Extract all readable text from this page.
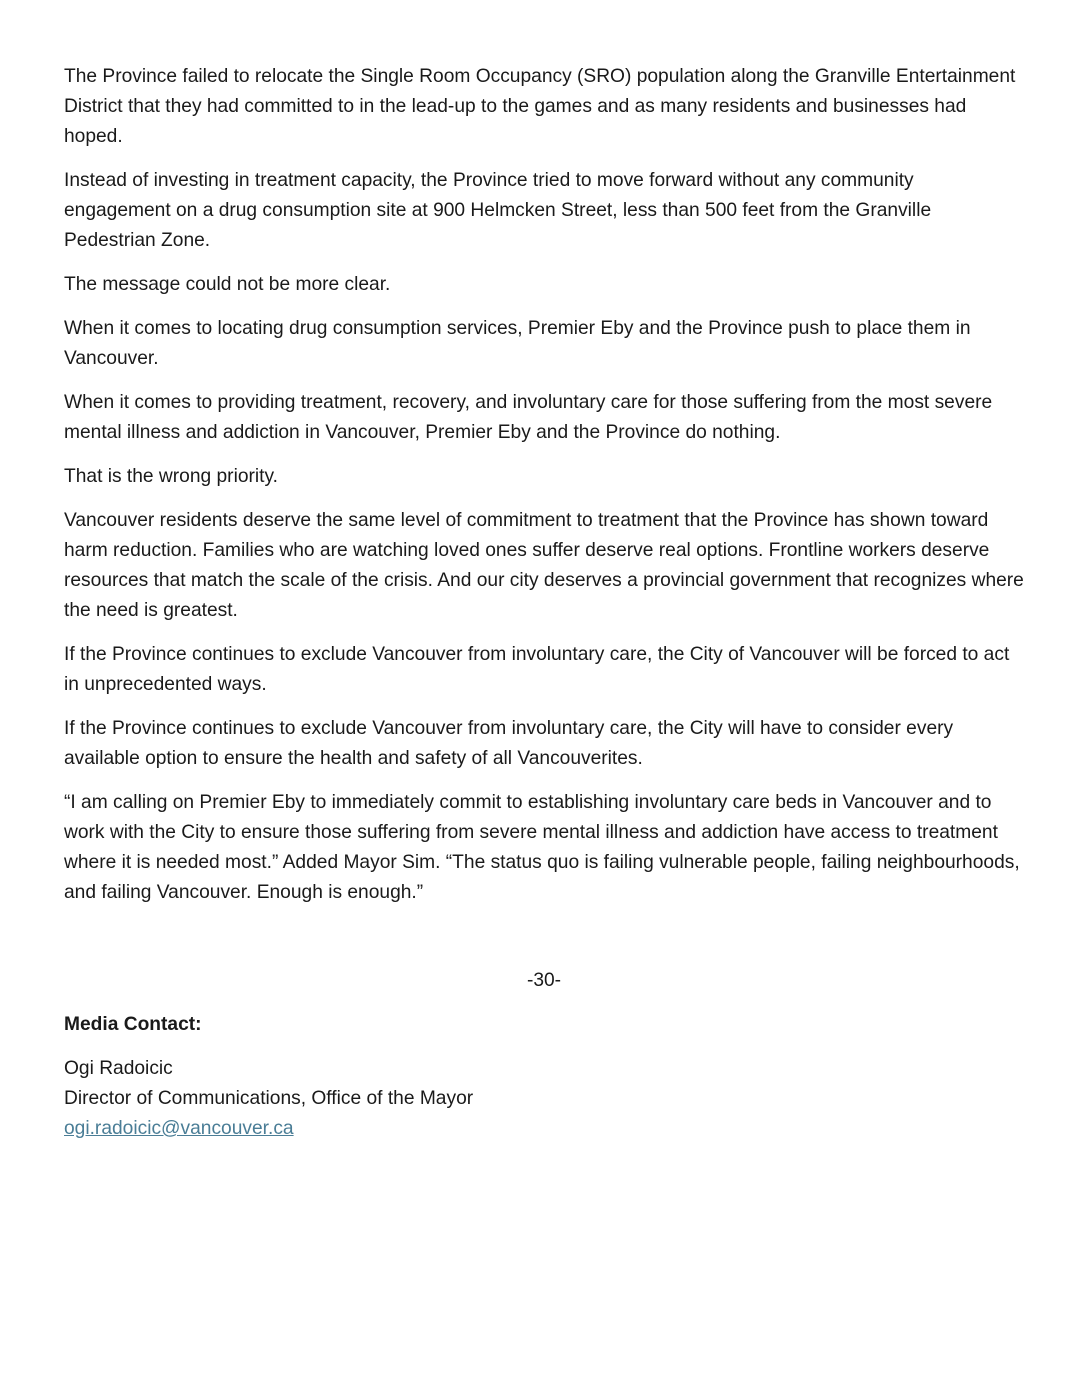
The Province failed to relocate the Single Room Occupancy (SRO) population along the Granville Entertainment District that they had committed to in the lead-up to the games and as many residents and businesses had hoped.

Instead of investing in treatment capacity, the Province tried to move forward without any community engagement on a drug consumption site at 900 Helmcken Street, less than 500 feet from the Granville Pedestrian Zone.

The message could not be more clear.

When it comes to locating drug consumption services, Premier Eby and the Province push to place them in Vancouver.

When it comes to providing treatment, recovery, and involuntary care for those suffering from the most severe mental illness and addiction in Vancouver, Premier Eby and the Province do nothing.

That is the wrong priority.

Vancouver residents deserve the same level of commitment to treatment that the Province has shown toward harm reduction. Families who are watching loved ones suffer deserve real options. Frontline workers deserve resources that match the scale of the crisis. And our city deserves a provincial government that recognizes where the need is greatest.

If the Province continues to exclude Vancouver from involuntary care, the City of Vancouver will be forced to act in unprecedented ways.

If the Province continues to exclude Vancouver from involuntary care, the City will have to consider every available option to ensure the health and safety of all Vancouverites.

“I am calling on Premier Eby to immediately commit to establishing involuntary care beds in Vancouver and to work with the City to ensure those suffering from severe mental illness and addiction have access to treatment where it is needed most.” Added Mayor Sim. “The status quo is failing vulnerable people, failing neighbourhoods, and failing Vancouver. Enough is enough.”

-30-
Media Contact:
Ogi Radoicic
Director of Communications, Office of the Mayor
ogi.radoicic@vancouver.ca
